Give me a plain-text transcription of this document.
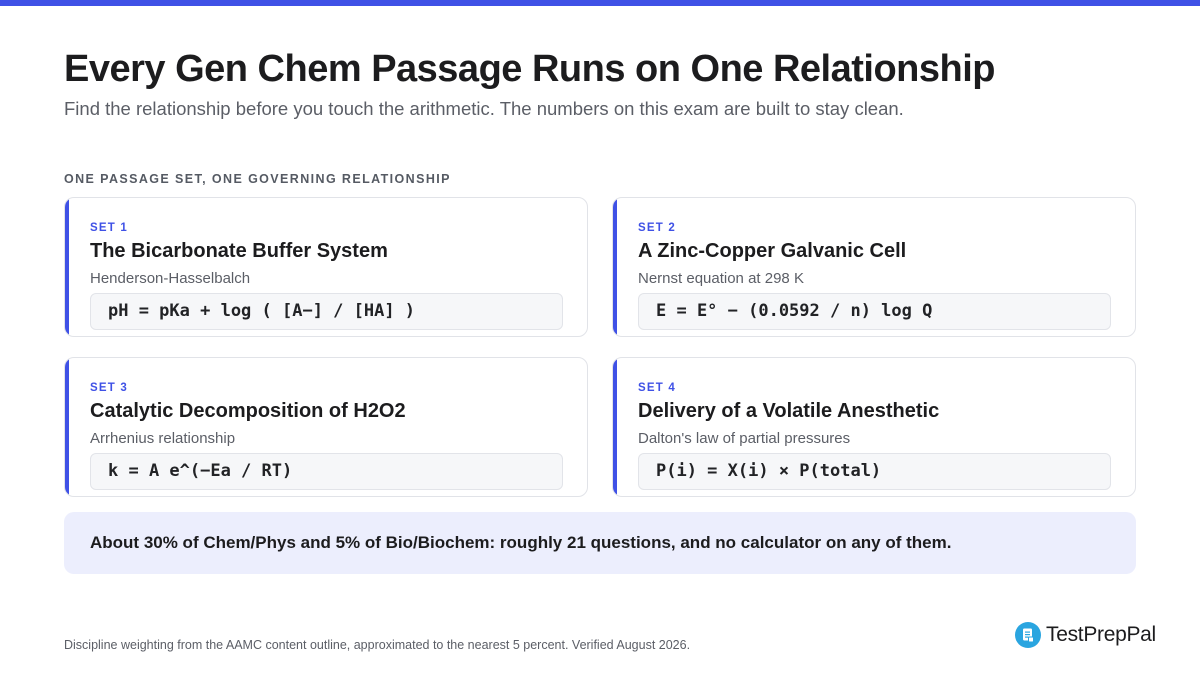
Every Gen Chem Passage Runs on One Relationship

Find the relationship before you touch the arithmetic. The numbers on this exam are built to stay clean.

ONE PASSAGE SET, ONE GOVERNING RELATIONSHIP
SET 1
The Bicarbonate Buffer System
Henderson-Hasselbalch
pH = pKa + log ( [A−] / [HA] )
SET 2
A Zinc-Copper Galvanic Cell
Nernst equation at 298 K
E = E° − (0.0592 / n) log Q
SET 3
Catalytic Decomposition of H2O2
Arrhenius relationship
k = A e^(−Ea / RT)
SET 4
Delivery of a Volatile Anesthetic
Dalton's law of partial pressures
P(i) = X(i) × P(total)
About 30% of Chem/Phys and 5% of Bio/Biochem: roughly 21 questions, and no calculator on any of them.

Discipline weighting from the AAMC content outline, approximated to the nearest 5 percent. Verified August 2026.	TestPrepPal
